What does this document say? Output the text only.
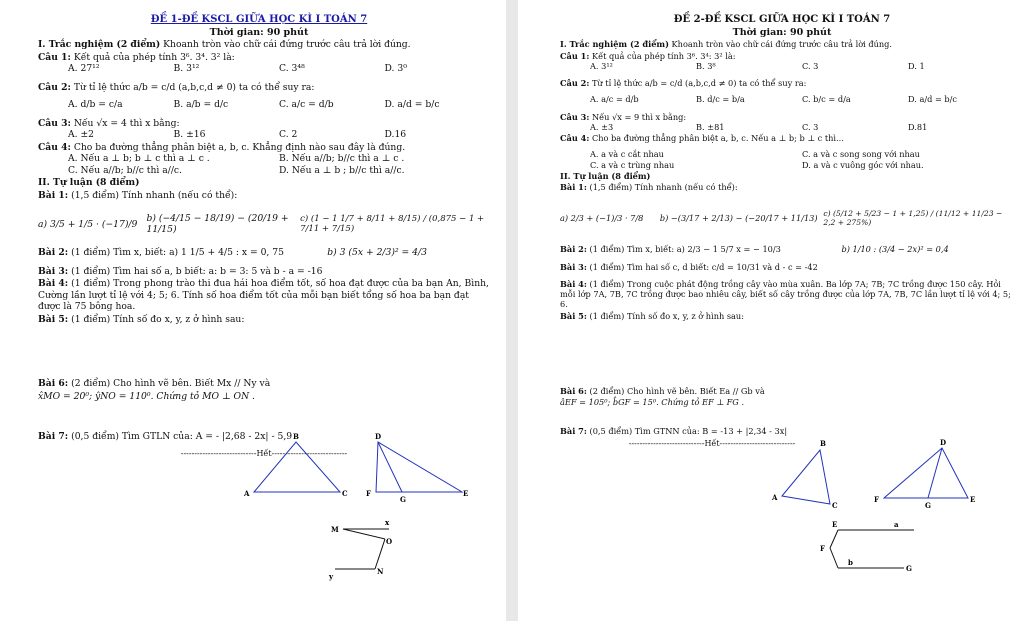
ĐỀ 1-ĐỀ KSCL GIỮA HỌC KÌ I TOÁN 7
Thời gian: 90 phút
I. Trắc nghiệm (2 điểm) Khoanh tròn vào chữ cái đứng trước câu trả lời đúng.
Câu 1: Kết quả của phép tính 3⁶. 3⁴. 3² là:
A. 27¹²	B. 3¹²	C. 3⁴⁸	D. 3⁰
Câu 2: Từ tỉ lệ thức a/b = c/d (a,b,c,d ≠ 0) ta có thể suy ra:
A. d/b = c/a	B. a/b = d/c	C. a/c = d/b	D. a/d = b/c
Câu 3: Nếu √x = 4 thì x bằng:
A. ±2	B. ±16	C. 2	D.16
Câu 4: Cho ba đường thẳng phân biệt a, b, c. Khẳng định nào sau đây là đúng.
A. Nếu a ⊥ b; b ⊥ c thì a ⊥ c .	B. Nếu a//b; b//c thì a ⊥ c .
C. Nếu a//b; b//c thì a//c.	D. Nếu a ⊥ b ; b//c thì a//c.
II. Tự luận (8 điểm)
Bài 1: (1,5 điểm) Tính nhanh (nếu có thể):
a) 3/5 + 1/5 · (−17)/9
b) (−4/15 − 18/19) − (20/19 + 11/15)
c) (1 − 1 1/7 + 8/11 + 8/15) / (0,875 − 1 + 7/11 + 7/15)
Bài 2: (1 điểm) Tìm x, biết: a) 1 1/5 + 4/5 : x = 0, 75	b) 3 (5x + 2/3)² = 4/3
Bài 3: (1 điểm) Tìm hai số a, b biết: a: b = 3: 5 và b - a = -16
Bài 4: (1 điểm) Trong phong trào thi đua hái hoa điểm tốt, số hoa đạt được của ba bạn An, Bình, Cường lần lượt tỉ lệ với 4; 5; 6. Tính số hoa điểm tốt của mỗi bạn biết tổng số hoa ba bạn đạt được là 75 bông hoa.
Bài 5: (1 điểm) Tính số đo x, y, z ở hình sau:
Bài 6: (2 điểm) Cho hình vẽ bên. Biết Mx // Ny và
x̂MO = 20⁰; ŷNO = 110⁰. Chứng tỏ MO ⊥ ON .
Bài 7: (0,5 điểm) Tìm GTLN của: A = - |2,68 - 2x| - 5,9
----------------------------Hết----------------------------
A
B
C	F
D
G
E
M
x
O
y
N
ĐỀ 2-ĐỀ KSCL GIỮA HỌC KÌ I TOÁN 7
Thời gian: 90 phút
I. Trắc nghiệm (2 điểm) Khoanh tròn vào chữ cái đứng trước câu trả lời đúng.
Câu 1: Kết quả của phép tính 3⁶. 3⁴: 3² là:
A. 3¹²	B. 3⁸	C. 3	D. 1
Câu 2: Từ tỉ lệ thức a/b = c/d (a,b,c,d ≠ 0) ta có thể suy ra:
A. a/c = d/b	B. d/c = b/a	C. b/c = d/a	D. a/d = b/c
Câu 3: Nếu √x = 9 thì x bằng:
A. ±3	B. ±81	C. 3	D.81
Câu 4: Cho ba đường thẳng phân biệt a, b, c. Nếu a ⊥ b; b ⊥ c thì...
A. a và c cắt nhau	C. a và c song song với nhau
C. a và c trùng nhau	D. a và c vuông góc với nhau.
II. Tự luận (8 điểm)
Bài 1: (1,5 điểm) Tính nhanh (nếu có thể):
a) 2/3 + (−1)/3 · 7/8	b) −(3/17 + 2/13) − (−20/17 + 11/13) c) (5/12 + 5/23 − 1 + 1,25) / (11/12 + 11/23 − 2,2 + 275%)
Bài 2: (1 điểm) Tìm x, biết: a) 2/3 − 1 5/7 x = − 10/3	b) 1/10 : (3/4 − 2x)² = 0,4
Bài 3: (1 điểm) Tìm hai số c, d biết: c/d = 10/31 và d - c = -42
Bài 4: (1 điểm) Trong cuộc phát động trồng cây vào mùa xuân. Ba lớp 7A; 7B; 7C trồng được 150 cây. Hỏi mỗi lớp 7A, 7B, 7C trồng được bao nhiêu cây, biết số cây trồng được của lớp 7A, 7B, 7C lần lượt tỉ lệ với 4; 5; 6.
Bài 5: (1 điểm) Tính số đo x, y, z ở hình sau:
Bài 6: (2 điểm) Cho hình vẽ bên. Biết Ea // Gb và
âEF = 105⁰; b̂GF = 15⁰. Chứng tỏ EF ⊥ FG .
Bài 7: (0,5 điểm) Tìm GTNN của: B = -13 + |2,34 - 3x|
----------------------------Hết----------------------------
A
B
C
F
D
G
E
E	a
F
b
G
